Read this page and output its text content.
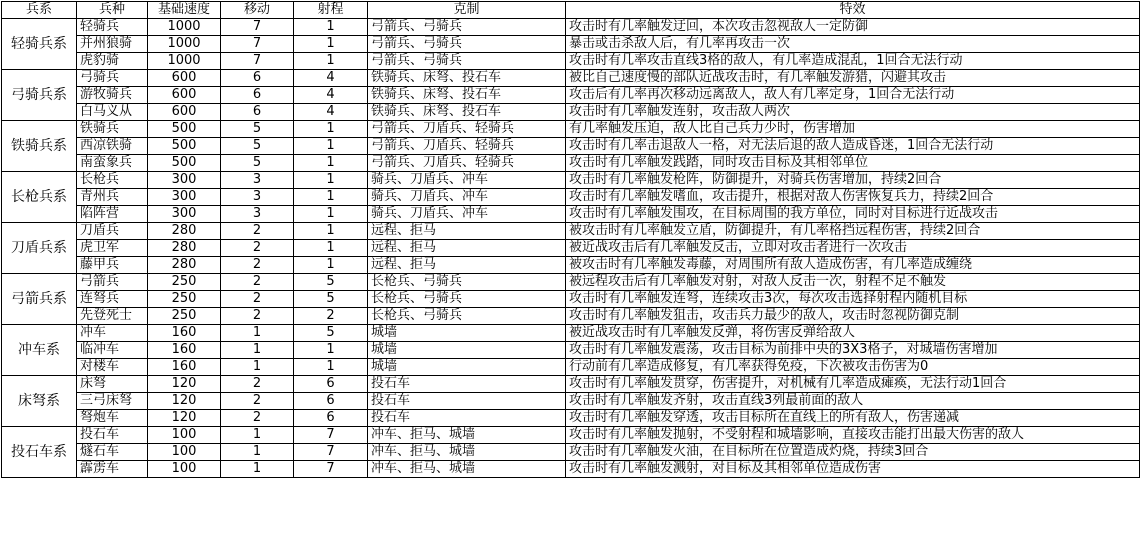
兵系	兵种	基础速度	移动	射程	克制	特效
轻骑兵系	轻骑兵	1000	7	1	弓箭兵、弓骑兵	攻击时有几率触发迂回，本次攻击忽视敌人一定防御
	并州狼骑	1000	7	1	弓箭兵、弓骑兵	暴击或击杀敌人后，有几率再攻击一次
	虎豹骑	1000	7	1	弓箭兵、弓骑兵	攻击时有几率攻击直线3格的敌人，有几率造成混乱，1回合无法行动
弓骑兵系	弓骑兵	600	6	4	铁骑兵、床弩、投石车	被比自己速度慢的部队近战攻击时，有几率触发游猎，闪避其攻击
	游牧骑兵	600	6	4	铁骑兵、床弩、投石车	攻击后有几率再次移动远离敌人，敌人有几率定身，1回合无法行动
	白马义从	600	6	4	铁骑兵、床弩、投石车	攻击时有几率触发连射，攻击敌人两次
铁骑兵系	铁骑兵	500	5	1	弓箭兵、刀盾兵、轻骑兵	有几率触发压迫，敌人比自己兵力少时，伤害增加
	西凉铁骑	500	5	1	弓箭兵、刀盾兵、轻骑兵	攻击时有几率击退敌人一格，对无法后退的敌人造成昏迷，1回合无法行动
	南蛮象兵	500	5	1	弓箭兵、刀盾兵、轻骑兵	攻击时有几率触发践踏，同时攻击目标及其相邻单位
长枪兵系	长枪兵	300	3	1	骑兵、刀盾兵、冲车	攻击时有几率触发枪阵，防御提升，对骑兵伤害增加，持续2回合
	青州兵	300	3	1	骑兵、刀盾兵、冲车	攻击时有几率触发嗜血，攻击提升，根据对敌人伤害恢复兵力，持续2回合
	陷阵营	300	3	1	骑兵、刀盾兵、冲车	攻击时有几率触发围攻，在目标周围的我方单位，同时对目标进行近战攻击
刀盾兵系	刀盾兵	280	2	1	远程、拒马	被攻击时有几率触发立盾，防御提升，有几率格挡远程伤害，持续2回合
	虎卫军	280	2	1	远程、拒马	被近战攻击后有几率触发反击，立即对攻击者进行一次攻击
	藤甲兵	280	2	1	远程、拒马	被攻击时有几率触发毒藤，对周围所有敌人造成伤害，有几率造成缠绕
弓箭兵系	弓箭兵	250	2	5	长枪兵、弓骑兵	被远程攻击后有几率触发对射，对敌人反击一次，射程不足不触发
	连弩兵	250	2	5	长枪兵、弓骑兵	攻击时有几率触发连弩，连续攻击3次，每次攻击选择射程内随机目标
	先登死士	250	2	2	长枪兵、弓骑兵	攻击时有几率触发狙击，攻击兵力最少的敌人，攻击时忽视防御克制
冲车系	冲车	160	1	5	城墙	被近战攻击时有几率触发反弹，将伤害反弹给敌人
	临冲车	160	1	1	城墙	攻击时有几率触发震荡，攻击目标为前排中央的3X3格子，对城墙伤害增加
	对楼车	160	1	1	城墙	行动前有几率造成修复，有几率获得免疫，下次被攻击伤害为0
床弩系	床弩	120	2	6	投石车	攻击时有几率触发贯穿，伤害提升，对机械有几率造成瘫痪，无法行动1回合
	三弓床弩	120	2	6	投石车	攻击时有几率触发齐射，攻击直线3列最前面的敌人
	弩炮车	120	2	6	投石车	攻击时有几率触发穿透，攻击目标所在直线上的所有敌人，伤害递减
投石车系	投石车	100	1	7	冲车、拒马、城墙	攻击时有几率触发抛射，不受射程和城墙影响，直接攻击能打出最大伤害的敌人
	燧石车	100	1	7	冲车、拒马、城墙	攻击时有几率触发火油，在目标所在位置造成灼烧，持续3回合
	霹雳车	100	1	7	冲车、拒马、城墙	攻击时有几率触发溅射，对目标及其相邻单位造成伤害
